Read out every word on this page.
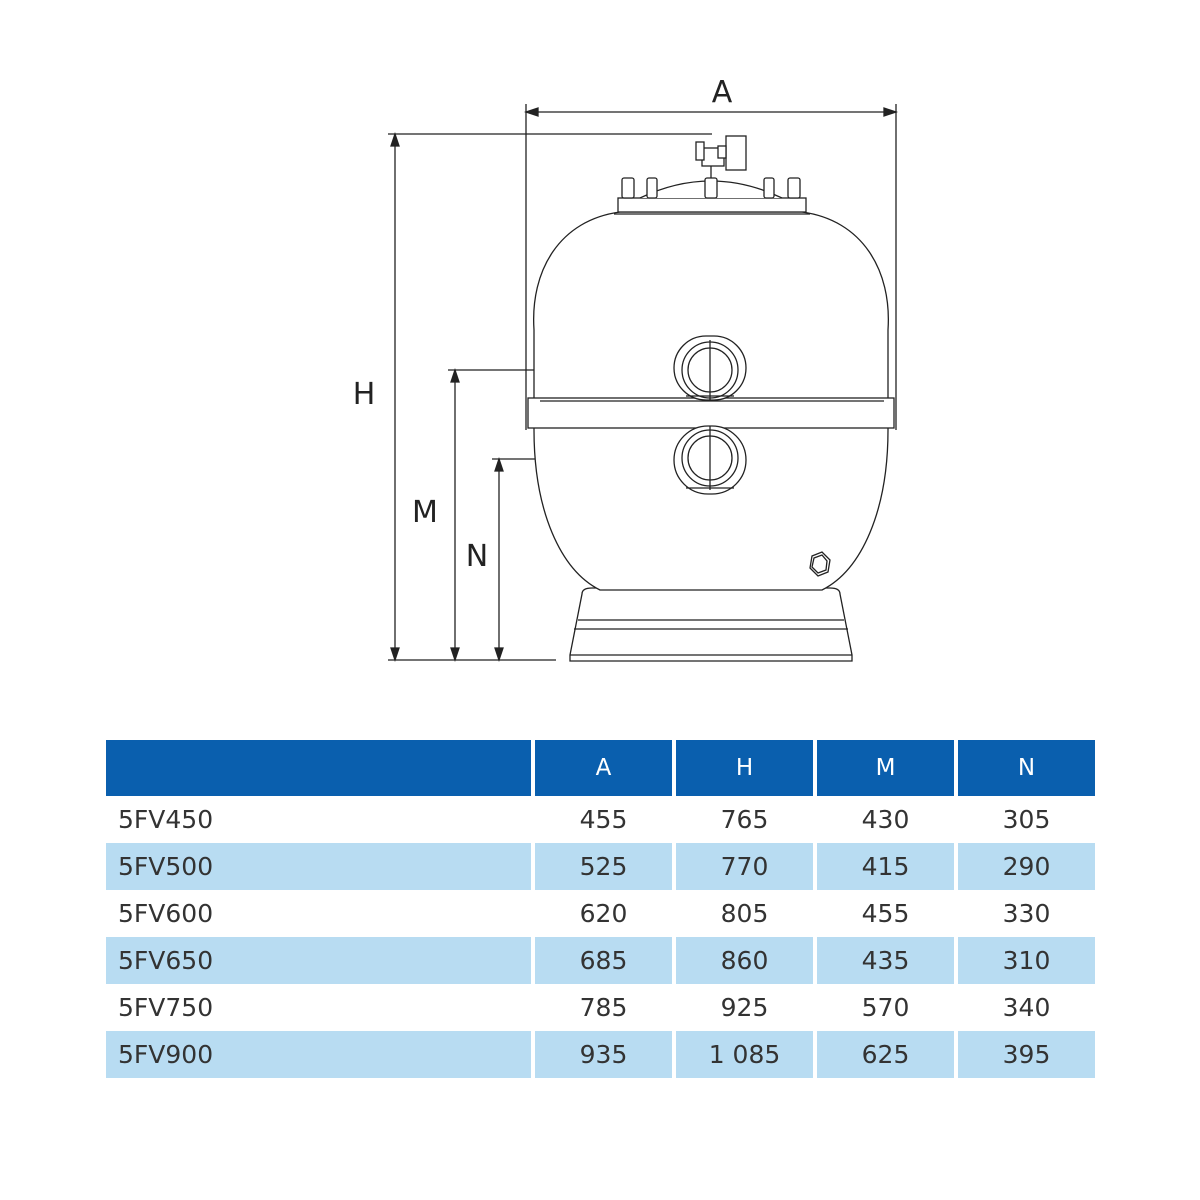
A
H
M
N
	A	H	M	N
5FV450	455	765	430	305
5FV500	525	770	415	290
5FV600	620	805	455	330
5FV650	685	860	435	310
5FV750	785	925	570	340
5FV900	935	1 085	625	395
